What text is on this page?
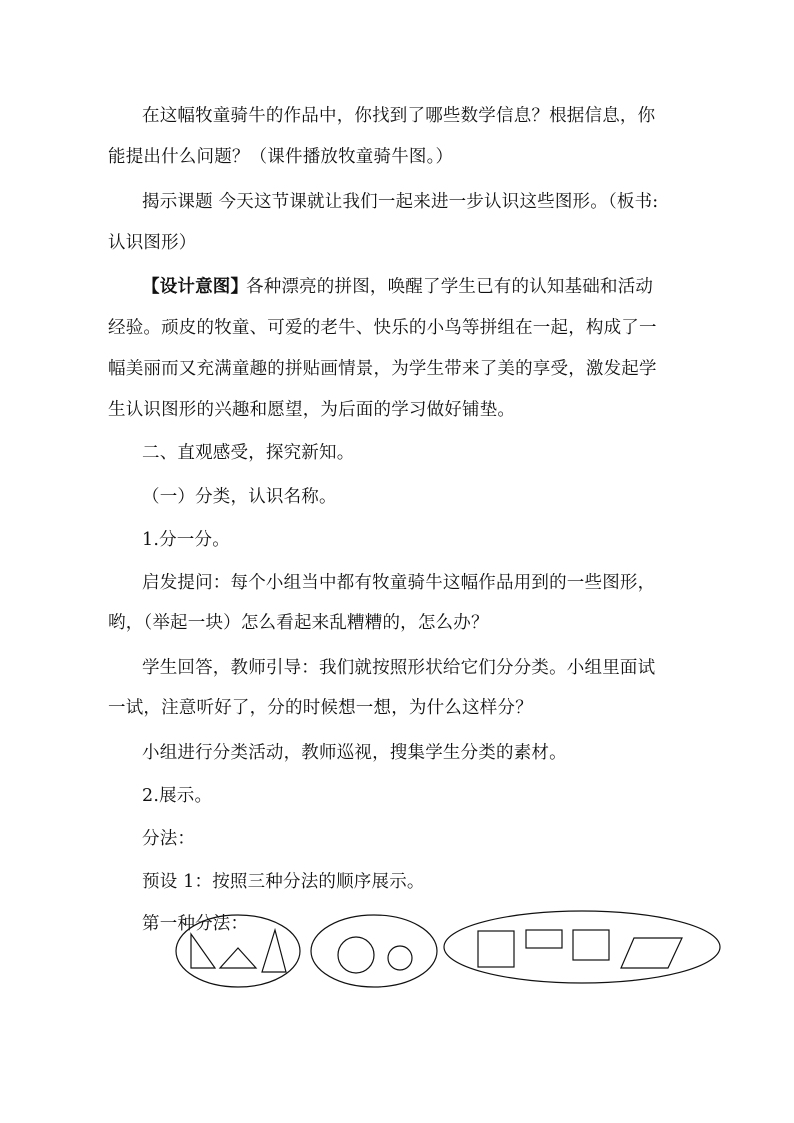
在这幅牧童骑牛的作品中，你找到了哪些数学信息？根据信息，你

能提出什么问题？（课件播放牧童骑牛图。）

揭示课题 今天这节课就让我们一起来进一步认识这些图形。（板书:

认识图形）

【设计意图】

各种漂亮的拼图，唤醒了学生已有的认知基础和活动

经验。顽皮的牧童、可爱的老牛、快乐的小鸟等拼组在一起，构成了一

幅美丽而又充满童趣的拼贴画情景，为学生带来了美的享受，激发起学

生认识图形的兴趣和愿望，为后面的学习做好铺垫。

二、直观感受，探究新知。

（一）分类，认识名称。

1.分一分。

启发提问：每个小组当中都有牧童骑牛这幅作品用到的一些图形，

哟，（举起一块）怎么看起来乱糟糟的，怎么办？

学生回答，教师引导：我们就按照形状给它们分分类。小组里面试

一试，注意听好了，分的时候想一想，为什么这样分？

小组进行分类活动，教师巡视，搜集学生分类的素材。

2.展示。

分法：

预设 1：按照三种分法的顺序展示。

第一种分法：
